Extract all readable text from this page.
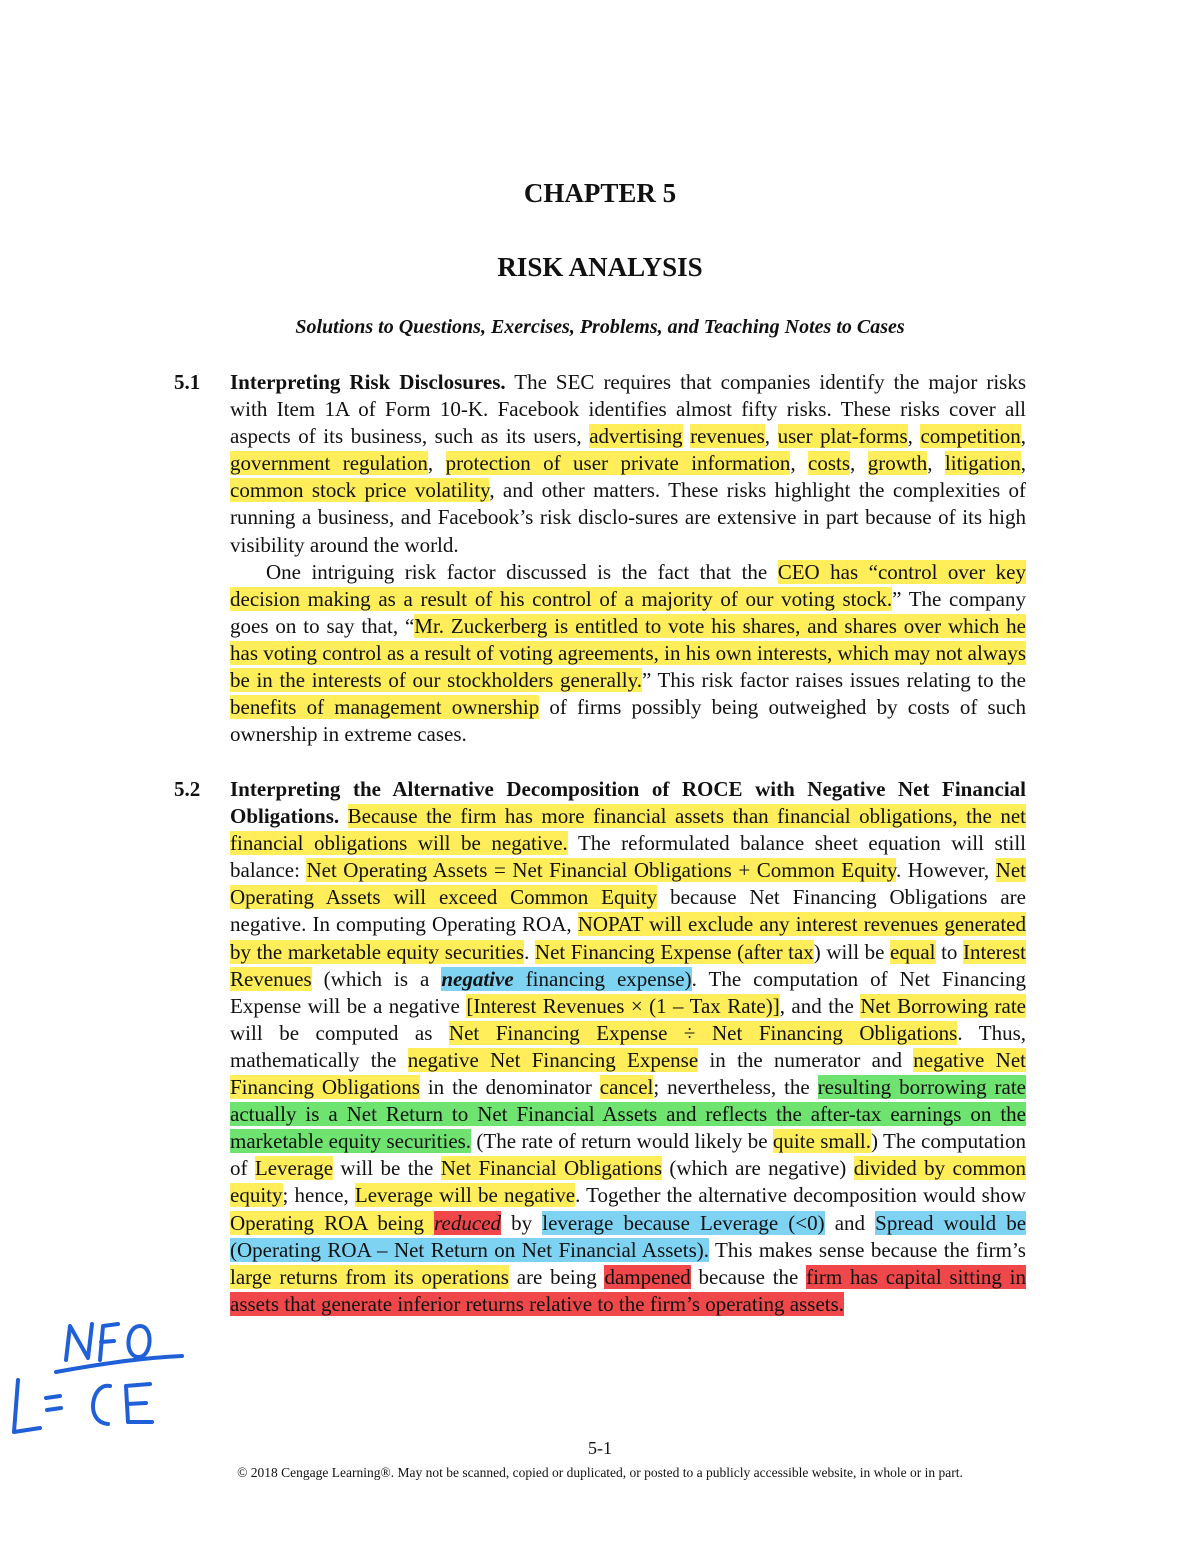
CHAPTER 5
RISK ANALYSIS
Solutions to Questions, Exercises, Problems, and Teaching Notes to Cases
5.1 Interpreting Risk Disclosures. The SEC requires that companies identify the major risks with Item 1A of Form 10-K. Facebook identifies almost fifty risks. These risks cover all aspects of its business, such as its users, advertising revenues, user plat-forms, competition, government regulation, protection of user private information, costs, growth, litigation, common stock price volatility, and other matters. These risks highlight the complexities of running a business, and Facebook’s risk disclo-sures are extensive in part because of its high visibility around the world.

One intriguing risk factor discussed is the fact that the CEO has “control over key decision making as a result of his control of a majority of our voting stock.” The company goes on to say that, “Mr. Zuckerberg is entitled to vote his shares, and shares over which he has voting control as a result of voting agreements, in his own interests, which may not always be in the interests of our stockholders generally.” This risk factor raises issues relating to the benefits of management ownership of firms possibly being outweighed by costs of such ownership in extreme cases.

5.2 Interpreting the Alternative Decomposition of ROCE with Negative Net Financial Obligations. Because the firm has more financial assets than financial obligations, the net financial obligations will be negative. The reformulated balance sheet equation will still balance: Net Operating Assets = Net Financial Obligations + Common Equity. However, Net Operating Assets will exceed Common Equity because Net Financing Obligations are negative. In computing Operating ROA, NOPAT will exclude any interest revenues generated by the marketable equity securities. Net Financing Expense (after tax) will be equal to Interest Revenues (which is a negative financing expense). The computation of Net Financing Expense will be a negative [Interest Revenues × (1 – Tax Rate)], and the Net Borrowing rate will be computed as Net Financing Expense ÷ Net Financing Obligations. Thus, mathematically the negative Net Financing Expense in the numerator and negative Net Financing Obligations in the denominator cancel; nevertheless, the resulting borrowing rate actually is a Net Return to Net Financial Assets and reflects the after-tax earnings on the marketable equity securities. (The rate of return would likely be quite small.) The computation of Leverage will be the Net Financial Obligations (which are negative) divided by common equity; hence, Leverage will be negative. Together the alternative decomposition would show Operating ROA being reduced by leverage because Leverage (<0) and Spread would be (Operating ROA – Net Return on Net Financial Assets). This makes sense because the firm’s large returns from its operations are being dampened because the firm has capital sitting in assets that generate inferior returns relative to the firm’s operating assets.

5-1
© 2018 Cengage Learning®. May not be scanned, copied or duplicated, or posted to a publicly accessible website, in whole or in part.
